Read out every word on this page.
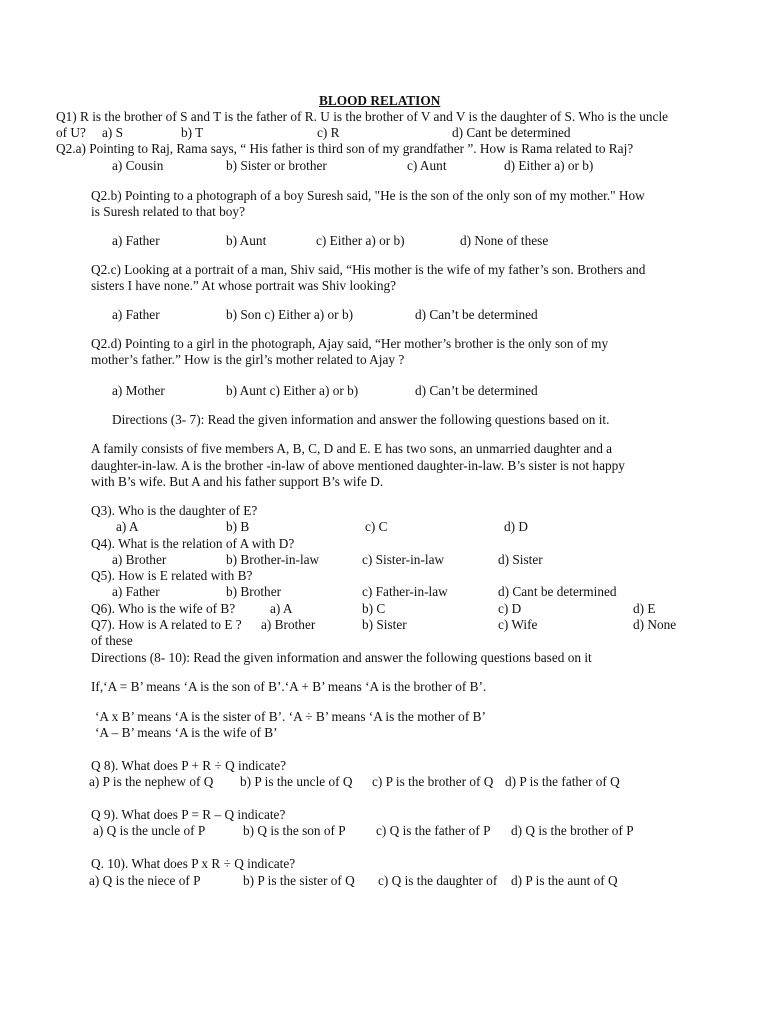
BLOOD RELATION
Q1) R is the brother of S and T is the father of R. U is the brother of V and V is the daughter of S. Who is the uncle
of U? a) S	b) T	c) R	d) Cant be determined
Q2.a) Pointing to Raj, Rama says, “ His father is third son of my grandfather ”. How is Rama related to Raj?
a) Cousin	b) Sister or brother	c) Aunt	d) Either a) or b)
Q2.b) Pointing to a photograph of a boy Suresh said, "He is the son of the only son of my mother." How
is Suresh related to that boy?
a) Father	b) Aunt	c) Either a) or b)	d) None of these
Q2.c) Looking at a portrait of a man, Shiv said, “His mother is the wife of my father’s son. Brothers and
sisters I have none.” At whose portrait was Shiv looking?
a) Father	b) Son c) Either a) or b)	d) Can’t be determined
Q2.d) Pointing to a girl in the photograph, Ajay said, “Her mother’s brother is the only son of my
mother’s father.” How is the girl’s mother related to Ajay ?
a) Mother	b) Aunt c) Either a) or b)	d) Can’t be determined
Directions (3- 7): Read the given information and answer the following questions based on it.
A family consists of five members A, B, C, D and E. E has two sons, an unmarried daughter and a
daughter-in-law. A is the brother -in-law of above mentioned daughter-in-law. B’s sister is not happy
with B’s wife. But A and his father support B’s wife D.
Q3). Who is the daughter of E?
a) A	b) B	c) C	d) D
Q4). What is the relation of A with D?
a) Brother	b) Brother-in-law	c) Sister-in-law	d) Sister
Q5). How is E related with B?
a) Father	b) Brother	c) Father-in-law	d) Cant be determined
Q6). Who is the wife of B?	a) A	b) C	c) D	d) E
Q7). How is A related to E ? a) Brother	b) Sister	c) Wife	d) None
of these
Directions (8- 10): Read the given information and answer the following questions based on it
If,‘A = B’ means ‘A is the son of B’.‘A + B’ means ‘A is the brother of B’.
‘A x B’ means ‘A is the sister of B’. ‘A ÷ B’ means ‘A is the mother of B’
‘A – B’ means ‘A is the wife of B’
Q 8). What does P + R ÷ Q indicate?
a) P is the nephew of Q b) P is the uncle of Q c) P is the brother of Q d) P is the father of Q
Q 9). What does P = R – Q indicate?
a) Q is the uncle of P	b) Q is the son of P c) Q is the father of P d) Q is the brother of P
Q. 10). What does P x R ÷ Q indicate?
a) Q is the niece of P	b) P is the sister of Q c) Q is the daughter of d) P is the aunt of Q
